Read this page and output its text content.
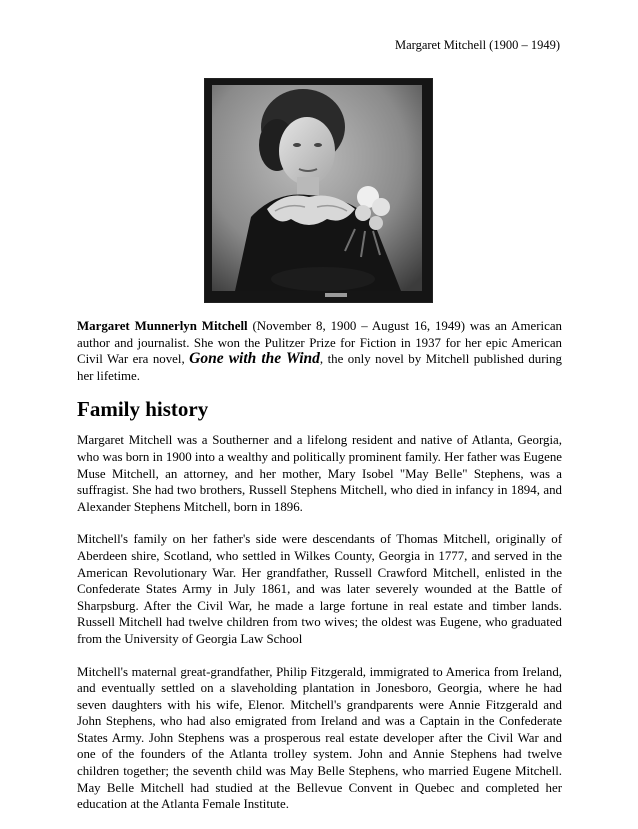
Margaret Mitchell (1900 – 1949)

Margaret Munnerlyn Mitchell (November 8, 1900 – August 16, 1949) was an American author and journalist. She won the Pulitzer Prize for Fiction in 1937 for her epic American Civil War era novel, Gone with the Wind, the only novel by Mitchell published during her lifetime.

Family history

Margaret Mitchell was a Southerner and a lifelong resident and native of Atlanta, Georgia, who was born in 1900 into a wealthy and politically prominent family. Her father was Eugene Muse Mitchell, an attorney, and her mother, Mary Isobel "May Belle" Stephens, was a suffragist. She had two brothers, Russell Stephens Mitchell, who died in infancy in 1894, and Alexander Stephens Mitchell, born in 1896.

Mitchell's family on her father's side were descendants of Thomas Mitchell, originally of Aberdeen shire, Scotland, who settled in Wilkes County, Georgia in 1777, and served in the American Revolutionary War. Her grandfather, Russell Crawford Mitchell, enlisted in the Confederate States Army in July 1861, and was later severely wounded at the Battle of Sharpsburg. After the Civil War, he made a large fortune in real estate and timber lands. Russell Mitchell had twelve children from two wives; the oldest was Eugene, who graduated from the University of Georgia Law School

Mitchell's maternal great-grandfather, Philip Fitzgerald, immigrated to America from Ireland, and eventually settled on a slaveholding plantation in Jonesboro, Georgia, where he had seven daughters with his wife, Elenor. Mitchell's grandparents were Annie Fitzgerald and John Stephens, who had also emigrated from Ireland and was a Captain in the Confederate States Army. John Stephens was a prosperous real estate developer after the Civil War and one of the founders of the Atlanta trolley system. John and Annie Stephens had twelve children together; the seventh child was May Belle Stephens, who married Eugene Mitchell. May Belle Mitchell had studied at the Bellevue Convent in Quebec and completed her education at the Atlanta Female Institute.
